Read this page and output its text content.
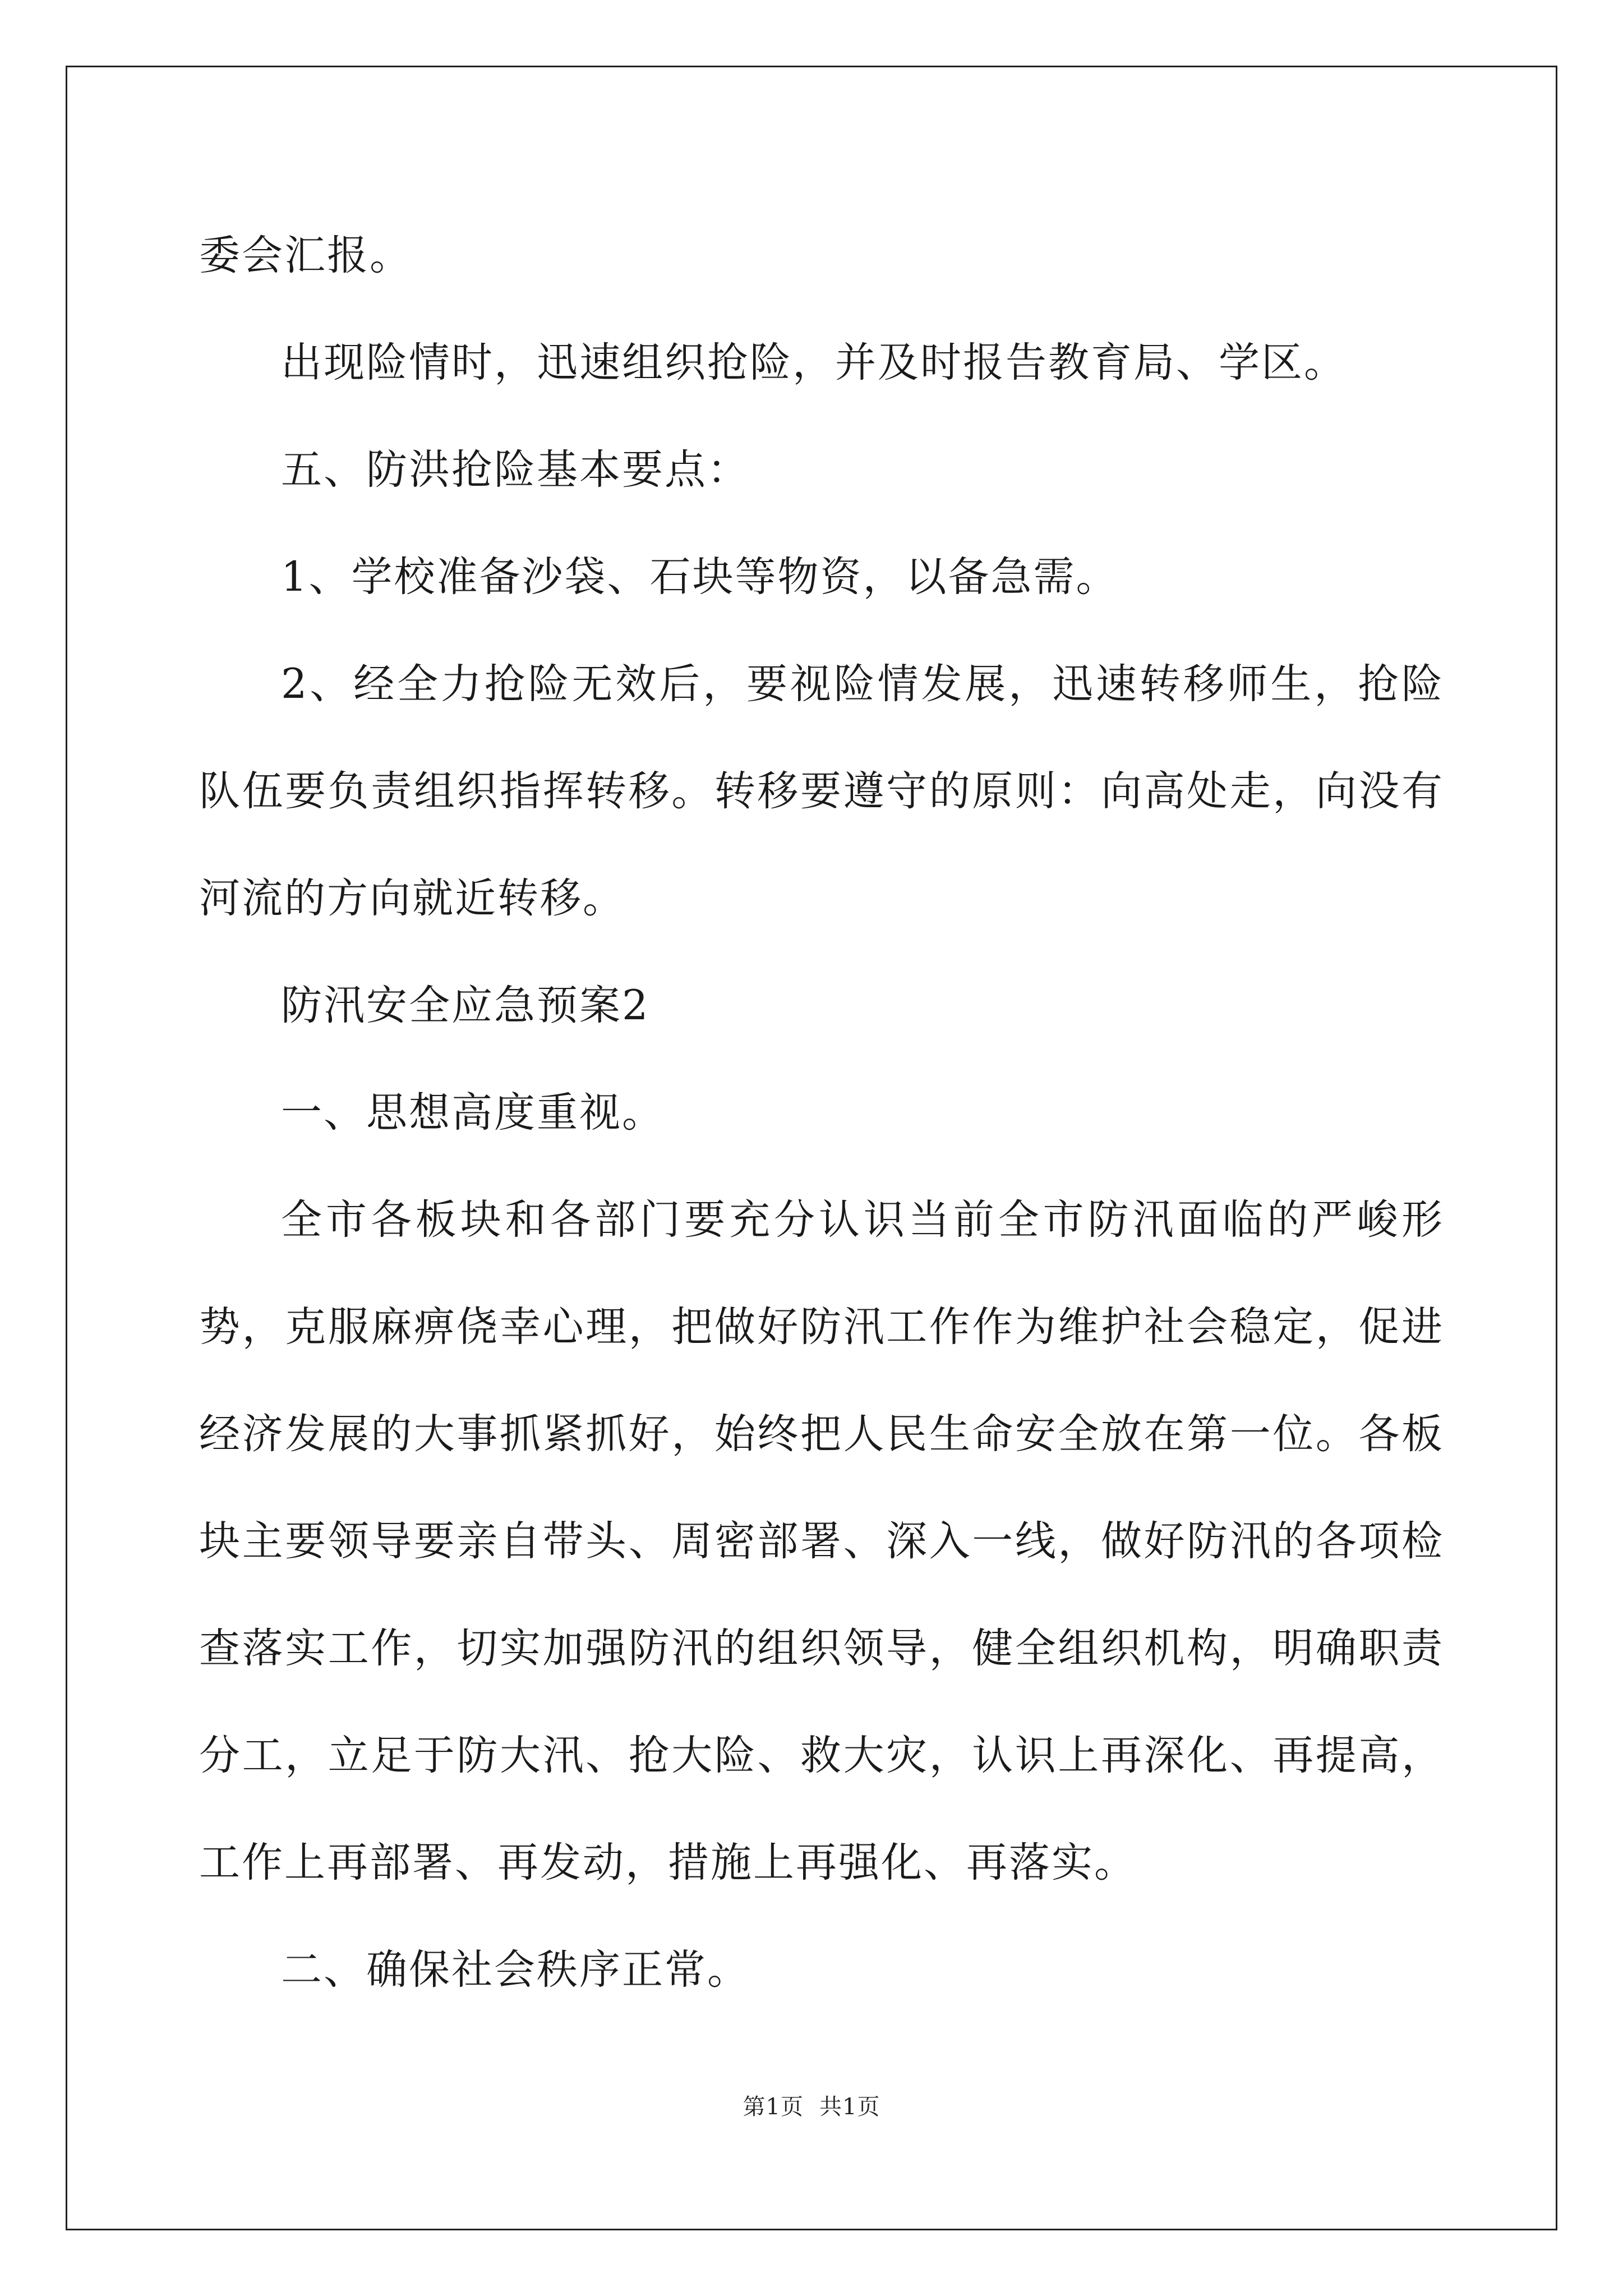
委会汇报。

出现险情时，迅速组织抢险，并及时报告教育局、学区。

五、防洪抢险基本要点：

1、学校准备沙袋、石块等物资，以备急需。

2、经全力抢险无效后，要视险情发展，迅速转移师生，抢险队伍要负责组织指挥转移。转移要遵守的原则：向高处走，向没有河流的方向就近转移。

防汛安全应急预案2

一、思想高度重视。

全市各板块和各部门要充分认识当前全市防汛面临的严峻形势，克服麻痹侥幸心理，把做好防汛工作作为维护社会稳定，促进经济发展的大事抓紧抓好，始终把人民生命安全放在第一位。各板块主要领导要亲自带头、周密部署、深入一线，做好防汛的各项检查落实工作，切实加强防汛的组织领导，健全组织机构，明确职责分工，立足于防大汛、抢大险、救大灾，认识上再深化、再提高，工作上再部署、再发动，措施上再强化、再落实。

二、确保社会秩序正常。

第1页 共1页
